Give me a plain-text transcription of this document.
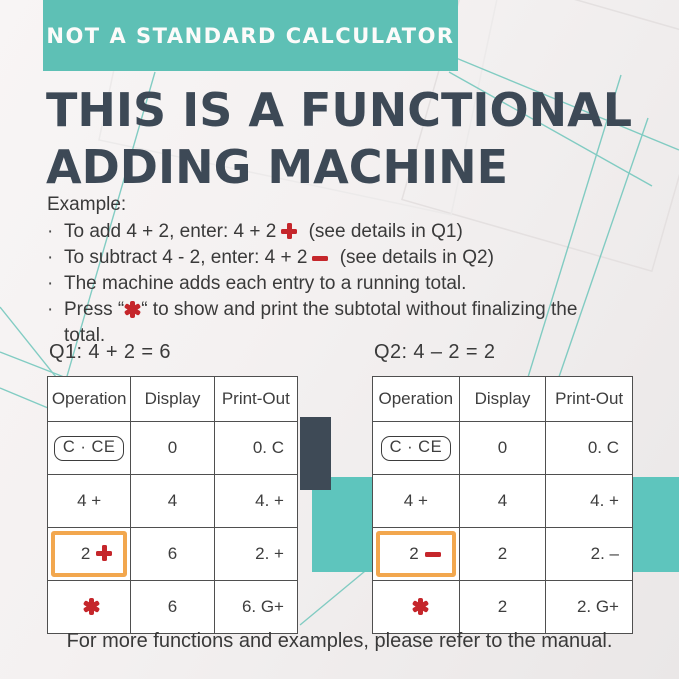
NOT A STANDARD CALCULATOR
THIS IS A FUNCTIONAL
ADDING MACHINE
Example:
· To add 4 + 2, enter: 4 + 2 (see details in Q1)
· To subtract 4 - 2, enter: 4 + 2 (see details in Q2)
· The machine adds each entry to a running total.
· Press “ “ to show and print the subtotal without finalizing the total.
Q1: 4 + 2 = 6
Operation	Display	Print-Out
C · CE	0	0. C
4 +	4	4. +

2	6	2. +

	6	6. G+
Q2: 4 – 2 = 2
Operation	Display	Print-Out
C · CE	0	0. C
4 +	4	4. +

2	2	2. –

	2	2. G+
For more functions and examples, please refer to the manual.
